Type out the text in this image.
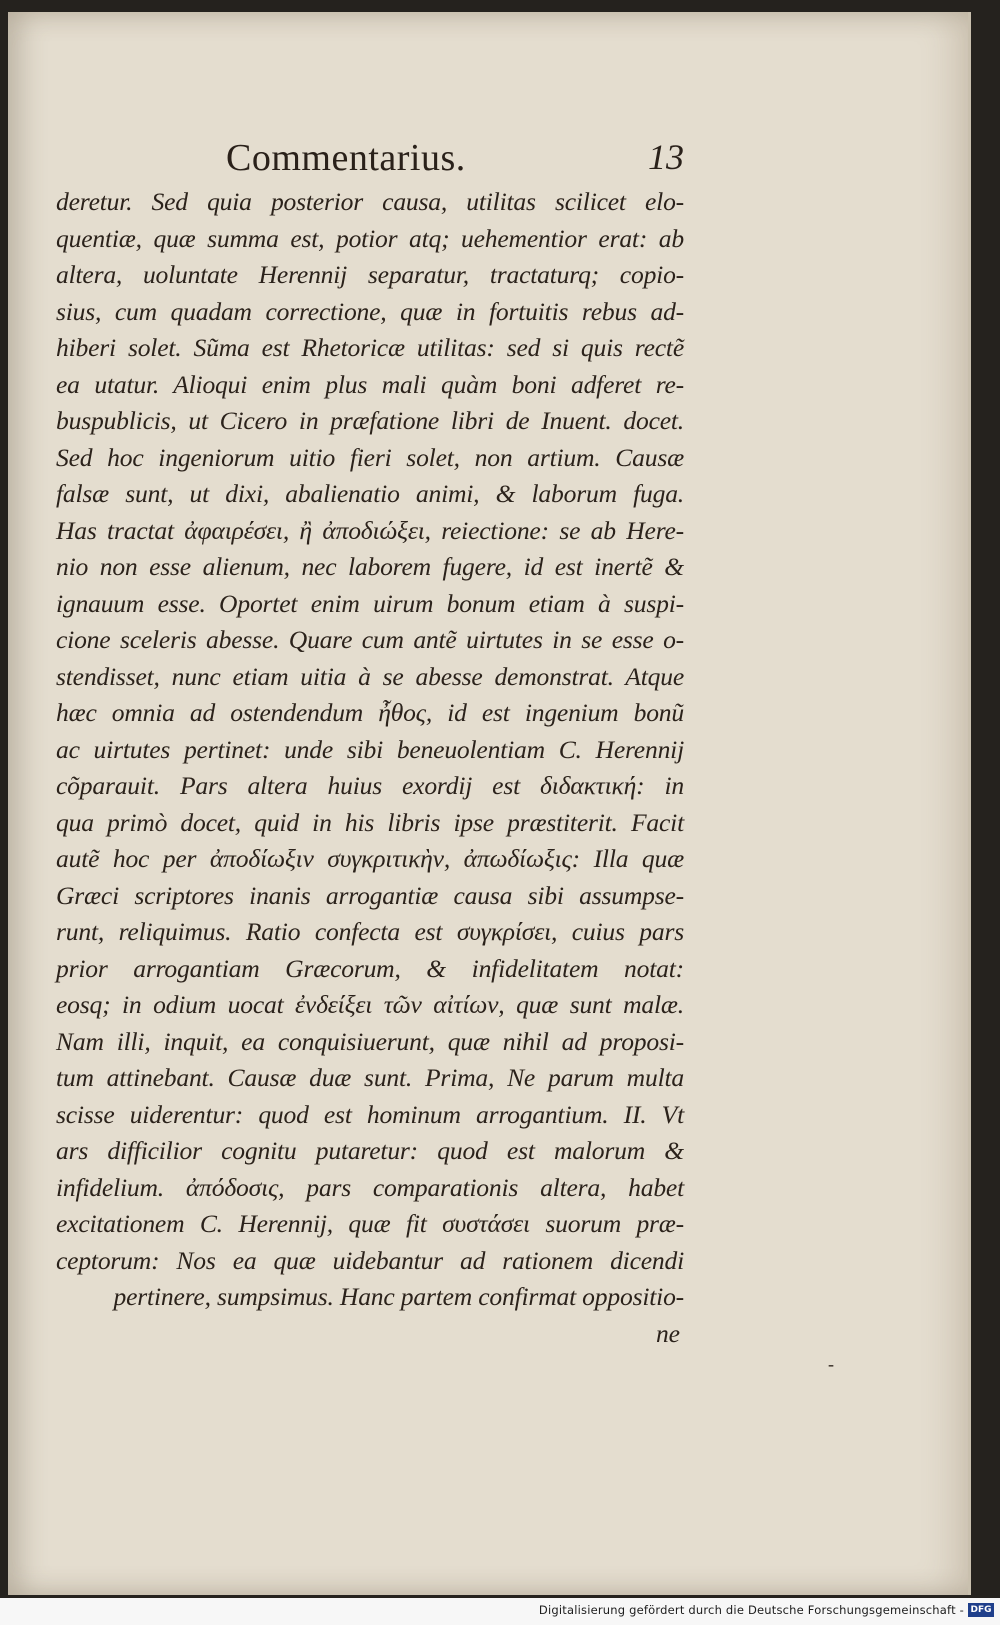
Commentarius.	13
deretur. Sed quia posterior causa, utilitas scilicet elo-
quentiæ, quæ summa est, potior atq; uehementior erat: ab
altera, uoluntate Herennij separatur, tractaturq; copio-
sius, cum quadam correctione, quæ in fortuitis rebus ad-
hiberi solet. Sũma est Rhetoricæ utilitas: sed si quis rectẽ
ea utatur. Alioqui enim plus mali quàm boni adferet re-
buspublicis, ut Cicero in præfatione libri de Inuent. docet.
Sed hoc ingeniorum uitio fieri solet, non artium. Causæ
falsæ sunt, ut dixi, abalienatio animi, & laborum fuga.
Has tractat ἀφαιρέσει, ἢ ἀποδιώξει, reiectione: se ab Here-
nio non esse alienum, nec laborem fugere, id est inertẽ &
ignauum esse. Oportet enim uirum bonum etiam à suspi-
cione sceleris abesse. Quare cum antẽ uirtutes in se esse o-
stendisset, nunc etiam uitia à se abesse demonstrat. Atque
hæc omnia ad ostendendum ἦθος, id est ingenium bonũ
ac uirtutes pertinet: unde sibi beneuolentiam C. Herennij
cõparauit. Pars altera huius exordij est διδακτική: in
qua primò docet, quid in his libris ipse præstiterit. Facit
autẽ hoc per ἀποδίωξιν συγκριτικὴν, ἀπωδίωξις: Illa quæ
Græci scriptores inanis arrogantiæ causa sibi assumpse-
runt, reliquimus. Ratio confecta est συγκρίσει, cuius pars
prior arrogantiam Græcorum, & infidelitatem notat:
eosq; in odium uocat ἐνδείξει τῶν αἰτίων, quæ sunt malæ.
Nam illi, inquit, ea conquisiuerunt, quæ nihil ad proposi-
tum attinebant. Causæ duæ sunt. Prima, Ne parum multa
scisse uiderentur: quod est hominum arrogantium. II. Vt
ars difficilior cognitu putaretur: quod est malorum &
infidelium. ἀπόδοσις, pars comparationis altera, habet
excitationem C. Herennij, quæ fit συστάσει suorum præ-
ceptorum: Nos ea quæ uidebantur ad rationem dicendi
pertinere, sumpsimus. Hanc partem confirmat oppositio-
ne
-
Digitalisierung gefördert durch die Deutsche Forschungsgemeinschaft - DFG
